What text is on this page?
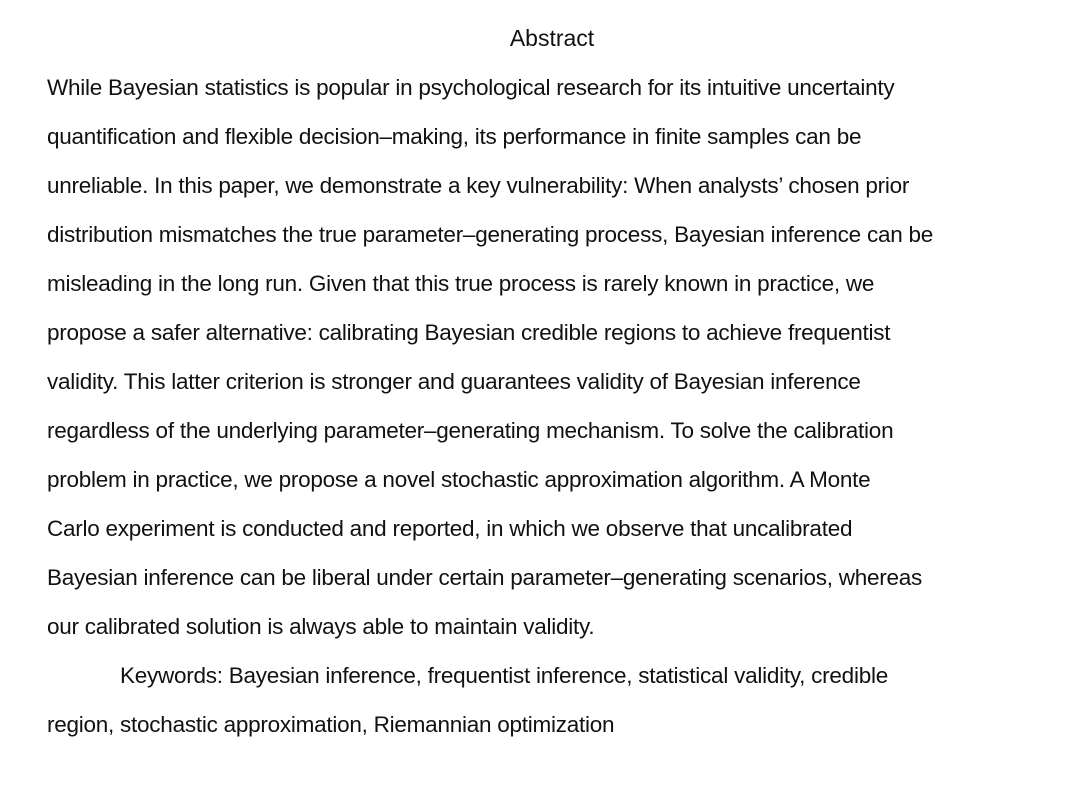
Abstract
While Bayesian statistics is popular in psychological research for its intuitive uncertainty
quantification and flexible decision–making, its performance in finite samples can be
unreliable. In this paper, we demonstrate a key vulnerability: When analysts’ chosen prior
distribution mismatches the true parameter–generating process, Bayesian inference can be
misleading in the long run. Given that this true process is rarely known in practice, we
propose a safer alternative: calibrating Bayesian credible regions to achieve frequentist
validity. This latter criterion is stronger and guarantees validity of Bayesian inference
regardless of the underlying parameter–generating mechanism. To solve the calibration
problem in practice, we propose a novel stochastic approximation algorithm. A Monte
Carlo experiment is conducted and reported, in which we observe that uncalibrated
Bayesian inference can be liberal under certain parameter–generating scenarios, whereas
our calibrated solution is always able to maintain validity.
Keywords: Bayesian inference, frequentist inference, statistical validity, credible
region, stochastic approximation, Riemannian optimization
